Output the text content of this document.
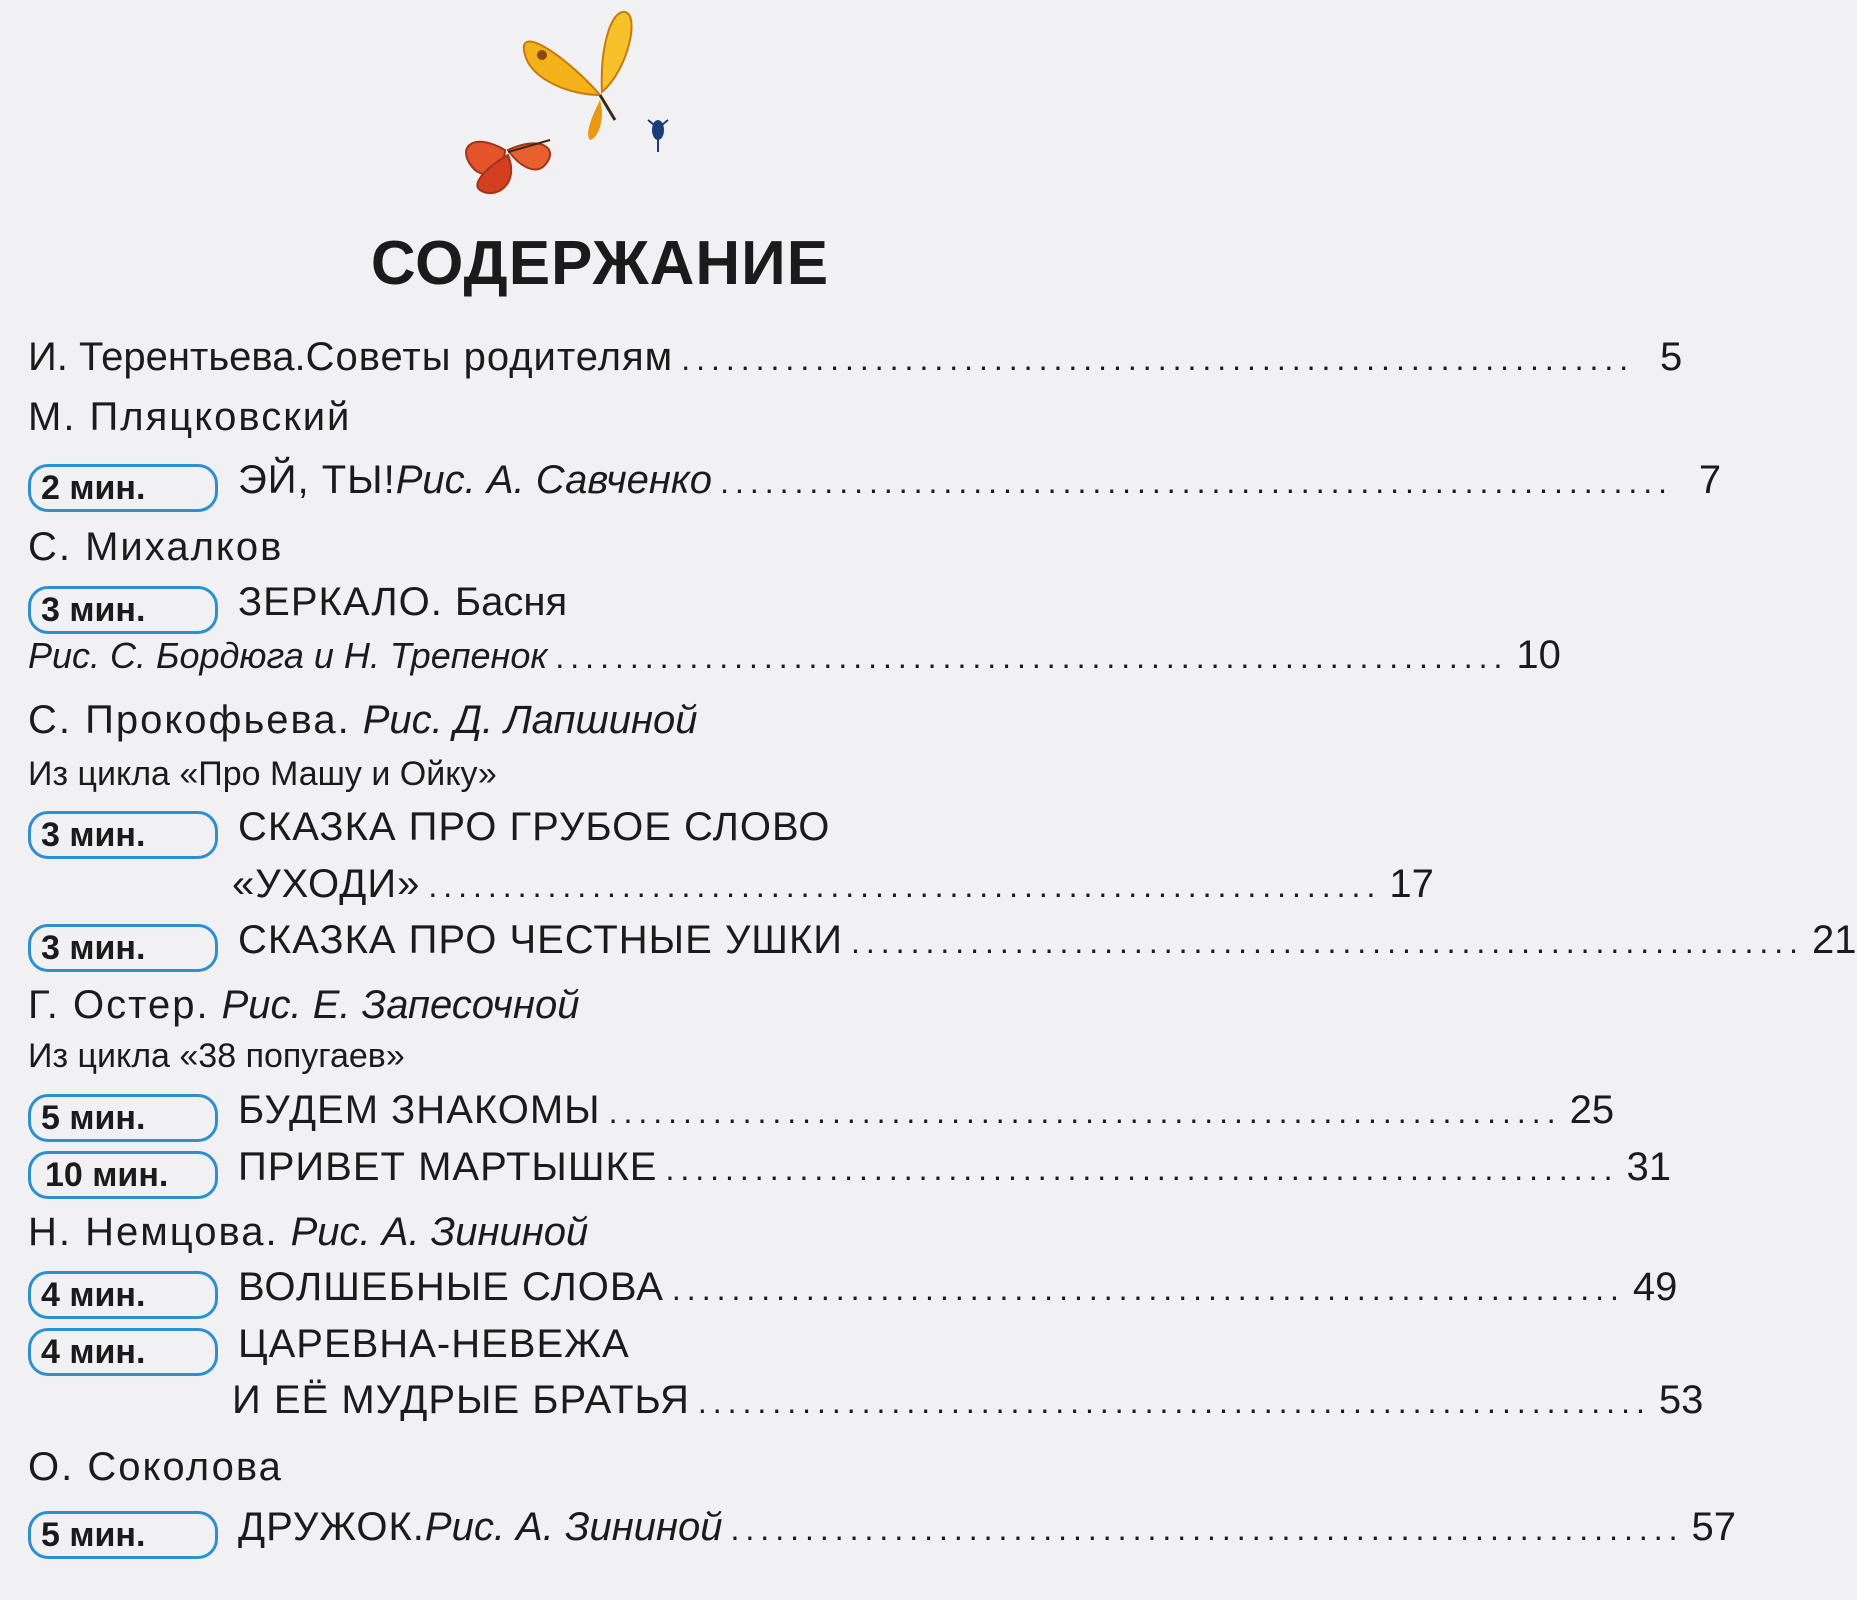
СОДЕРЖАНИЕ
И. Терентьева. Советы родителям ................................................................ 5
М. Пляцковский
2 мин.	ЭЙ, ТЫ! Рис. А. Савченко ................................................................ 7
С. Михалков
3 мин.	ЗЕРКАЛО. Басня
Рис. С. Бордюга и Н. Трепенок ................................................................ 10
С. Прокофьева. Рис. Д. Лапшиной
Из цикла «Про Машу и Ойку»
3 мин.	СКАЗКА ПРО ГРУБОЕ СЛОВО
«УХОДИ» ................................................................ 17
3 мин.	СКАЗКА ПРО ЧЕСТНЫЕ УШКИ ................................................................ 21
Г. Остер. Рис. Е. Запесочной
Из цикла «38 попугаев»
5 мин.	БУДЕМ ЗНАКОМЫ ................................................................ 25
10 мин.	ПРИВЕТ МАРТЫШКЕ ................................................................ 31
Н. Немцова. Рис. А. Зининой
4 мин.	ВОЛШЕБНЫЕ СЛОВА ................................................................ 49
4 мин.	ЦАРЕВНА-НЕВЕЖА
И ЕЁ МУДРЫЕ БРАТЬЯ ................................................................ 53
О. Соколова
5 мин.	ДРУЖОК. Рис. А. Зининой ................................................................ 57
